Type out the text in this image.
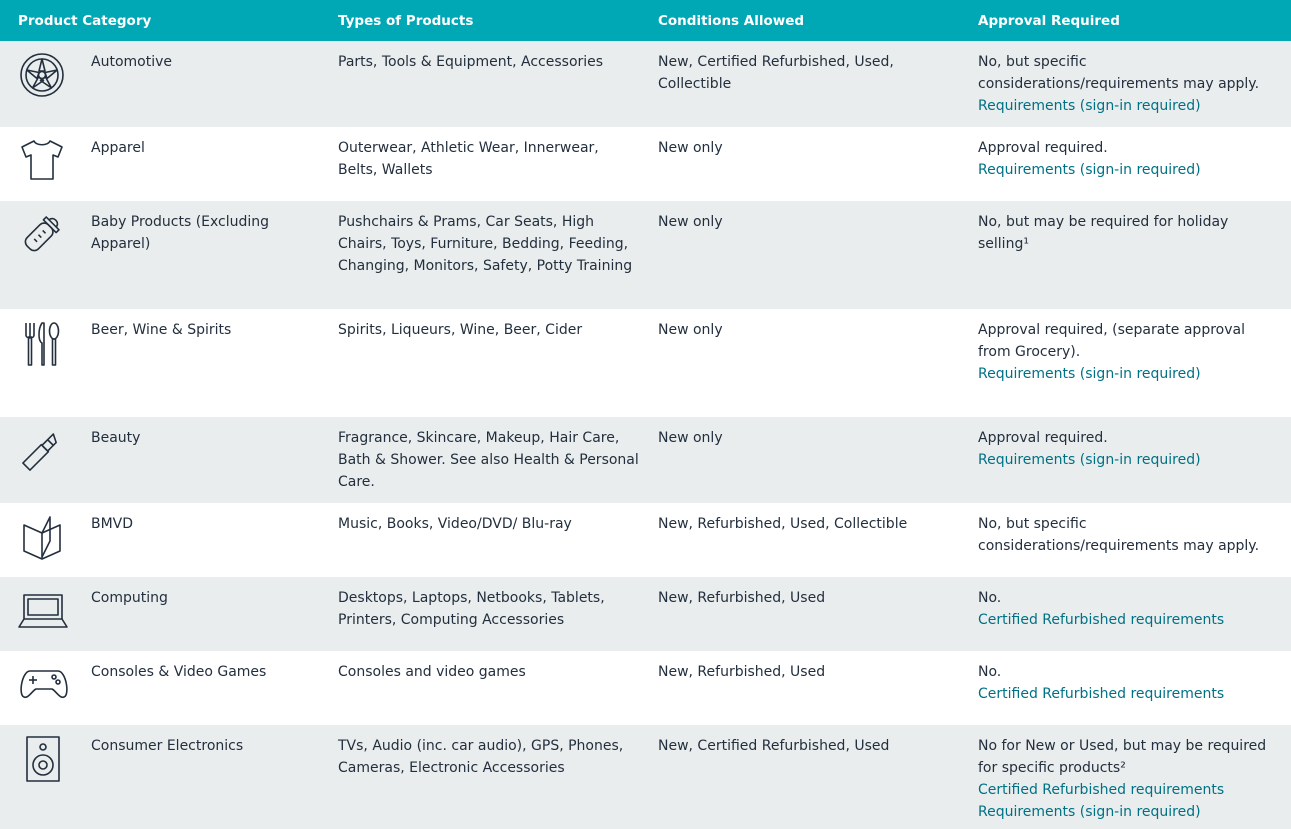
Product Category	Types of Products	Conditions Allowed	Approval Required

Automotive	Parts, Tools & Equipment, Accessories	New, Certified Refurbished, Used, Collectible	No, but specific considerations/requirements may apply.
Requirements (sign-in required)

Apparel	Outerwear, Athletic Wear, Innerwear, Belts, Wallets	New only	Approval required.
Requirements (sign-in required)

Baby Products (Excluding Apparel)	Pushchairs & Prams, Car Seats, High Chairs, Toys, Furniture, Bedding, Feeding, Changing, Monitors, Safety, Potty Training	New only	No, but may be required for holiday selling¹

Beer, Wine & Spirits	Spirits, Liqueurs, Wine, Beer, Cider	New only	Approval required, (separate approval from Grocery).
Requirements (sign-in required)

Beauty	Fragrance, Skincare, Makeup, Hair Care, Bath & Shower. See also Health & Personal Care.	New only	Approval required.
Requirements (sign-in required)

BMVD	Music, Books, Video/DVD/ Blu-ray	New, Refurbished, Used, Collectible	No, but specific considerations/requirements may apply.

Computing	Desktops, Laptops, Netbooks, Tablets, Printers, Computing Accessories	New, Refurbished, Used	No.
Certified Refurbished requirements

Consoles & Video Games	Consoles and video games	New, Refurbished, Used	No.
Certified Refurbished requirements

Consumer Electronics	TVs, Audio (inc. car audio), GPS, Phones, Cameras, Electronic Accessories	New, Certified Refurbished, Used	No for New or Used, but may be required for specific products²
Certified Refurbished requirements
Requirements (sign-in required)
